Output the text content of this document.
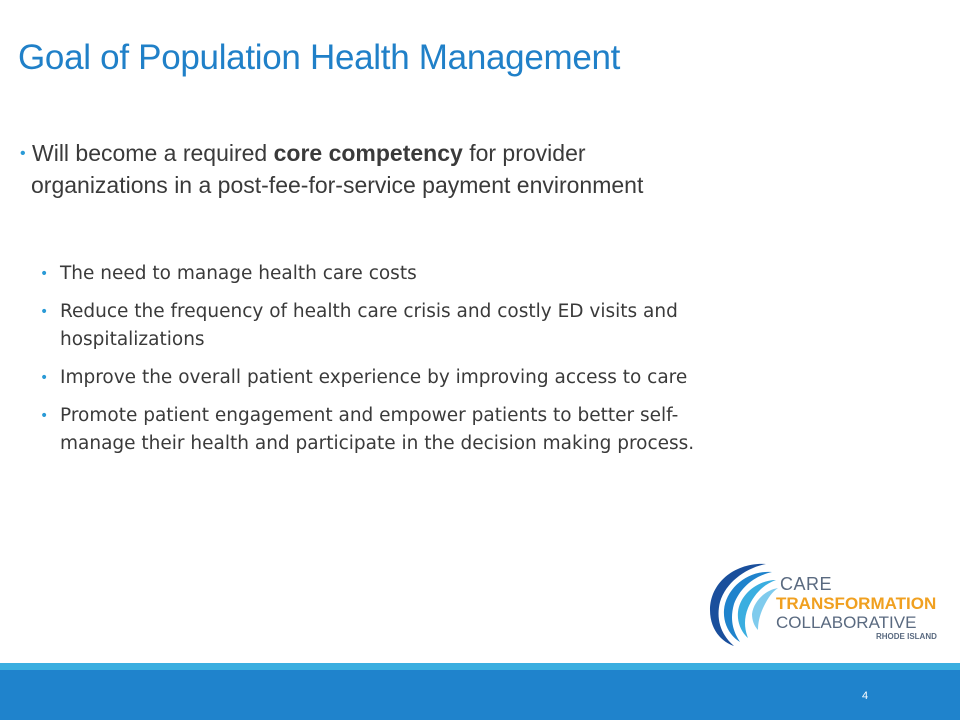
Goal of Population Health Management
• Will become a required core competency for provider
organizations in a post-fee-for-service payment environment
• The need to manage health care costs
• Reduce the frequency of health care crisis and costly ED visits and
hospitalizations
• Improve the overall patient experience by improving access to care
• Promote patient engagement and empower patients to better self-
manage their health and participate in the decision making process.
CARE
TRANSFORMATION
COLLABORATIVE
RHODE ISLAND
4
